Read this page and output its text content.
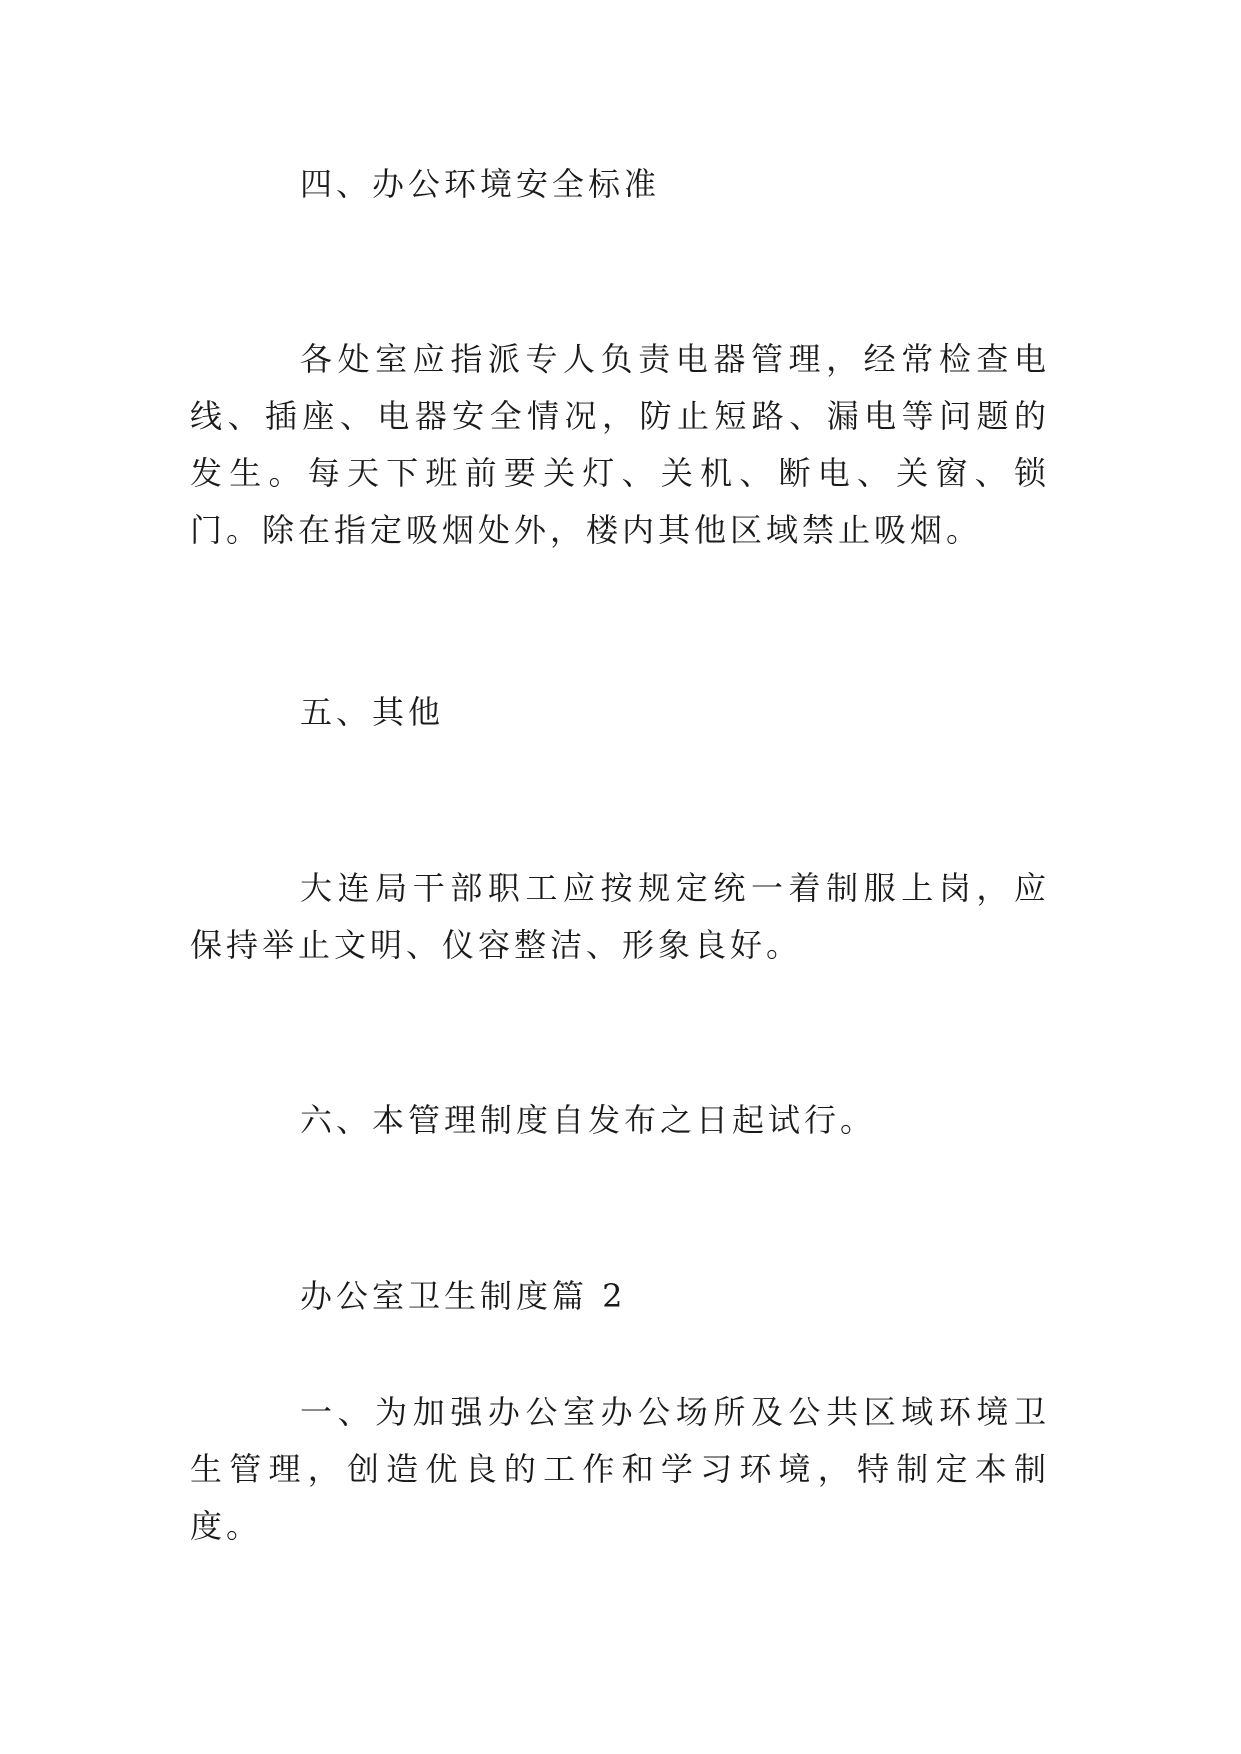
四、办公环境安全标准
各处室应指派专人负责电器管理，经常检查电线、插座、电器安全情况，防止短路、漏电等问题的发生。每天下班前要关灯、关机、断电、关窗、锁门。除在指定吸烟处外，楼内其他区域禁止吸烟。
五、其他
大连局干部职工应按规定统一着制服上岗，应保持举止文明、仪容整洁、形象良好。
六、本管理制度自发布之日起试行。
办公室卫生制度篇 2
一、为加强办公室办公场所及公共区域环境卫生管理，创造优良的工作和学习环境，特制定本制度。
